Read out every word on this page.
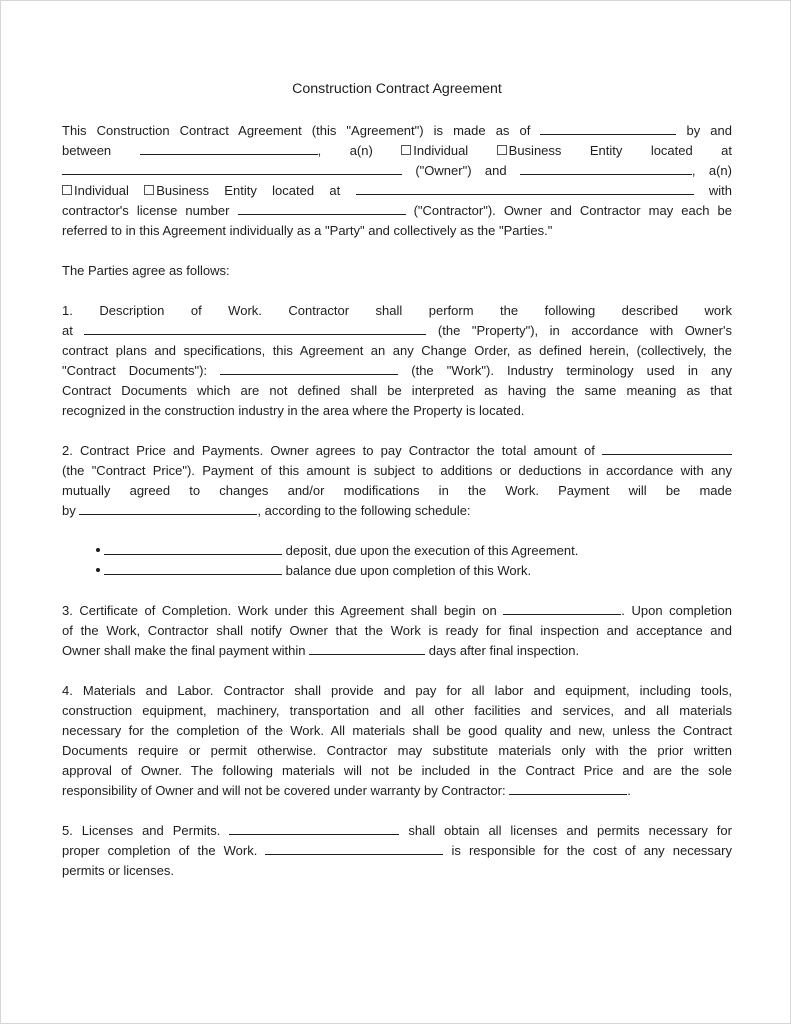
Construction Contract Agreement
This Construction Contract Agreement (this "Agreement") is made as of	by and
between	, a(n)	Individual	Business Entity located at
("Owner") and	, a(n)
Individual Business Entity located at	with
contractor's license number	("Contractor"). Owner and Contractor may each be
referred to in this Agreement individually as a "Party" and collectively as the "Parties."
The Parties agree as follows:
1. Description of Work. Contractor shall perform the following described work
at	(the "Property"), in accordance with Owner's
contract plans and specifications, this Agreement an any Change Order, as defined herein, (collectively, the
"Contract Documents"):	(the "Work"). Industry terminology used in any
Contract Documents which are not defined shall be interpreted as having the same meaning as that
recognized in the construction industry in the area where the Property is located.
2. Contract Price and Payments. Owner agrees to pay Contractor the total amount of
(the "Contract Price"). Payment of this amount is subject to additions or deductions in accordance with any
mutually agreed to changes and/or modifications in the Work. Payment will be made
by	, according to the following schedule:
deposit, due upon the execution of this Agreement.
balance due upon completion of this Work.
3. Certificate of Completion. Work under this Agreement shall begin on	. Upon completion
of the Work, Contractor shall notify Owner that the Work is ready for final inspection and acceptance and
Owner shall make the final payment within	days after final inspection.
4. Materials and Labor. Contractor shall provide and pay for all labor and equipment, including tools,
construction equipment, machinery, transportation and all other facilities and services, and all materials
necessary for the completion of the Work. All materials shall be good quality and new, unless the Contract
Documents require or permit otherwise. Contractor may substitute materials only with the prior written
approval of Owner. The following materials will not be included in the Contract Price and are the sole
responsibility of Owner and will not be covered under warranty by Contractor:	.
5. Licenses and Permits.	shall obtain all licenses and permits necessary for
proper completion of the Work.	is responsible for the cost of any necessary
permits or licenses.
